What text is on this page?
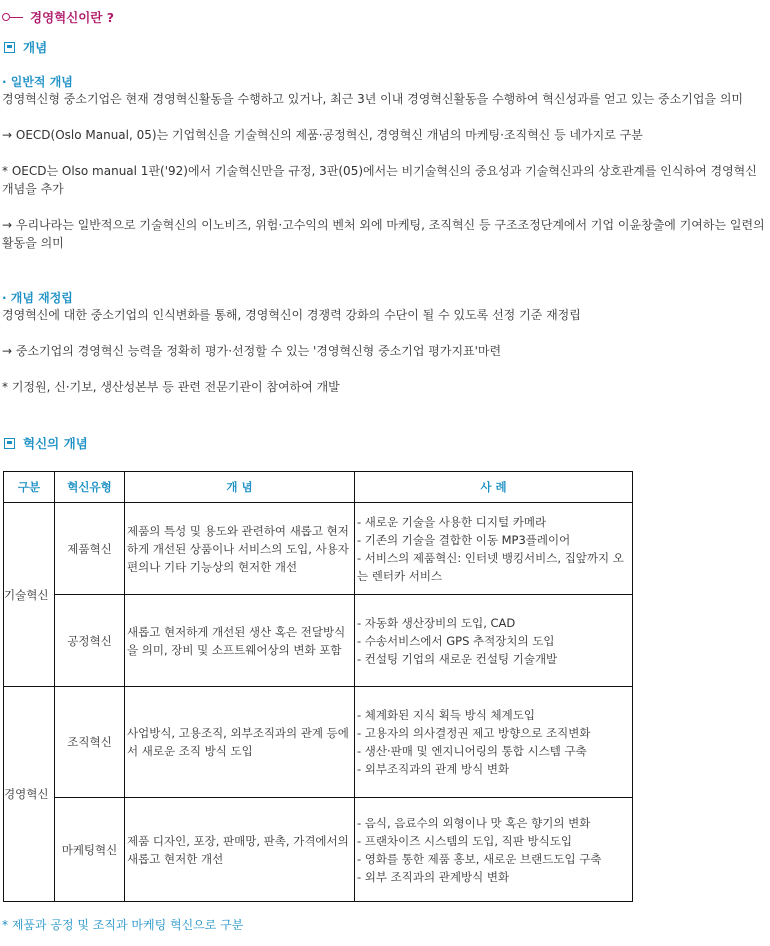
경영혁신이란 ?
개념
· 일반적 개념
경영혁신형 중소기업은 현재 경영혁신활동을 수행하고 있거나, 최근 3년 이내 경영혁신활동을 수행하여 혁신성과를 얻고 있는 중소기업을 의미
→ OECD(Oslo Manual, 05)는 기업혁신을 기술혁신의 제품·공정혁신, 경영혁신 개념의 마케팅·조직혁신 등 네가지로 구분
* OECD는 Olso manual 1판('92)에서 기술혁신만을 규정, 3판(05)에서는 비기술혁신의 중요성과 기술혁신과의 상호관계를 인식하여 경영혁신 개념을 추가
→ 우리나라는 일반적으로 기술혁신의 이노비즈, 위험·고수익의 벤처 외에 마케팅, 조직혁신 등 구조조정단계에서 기업 이윤창출에 기여하는 일련의 활동을 의미
· 개념 재정립
경영혁신에 대한 중소기업의 인식변화를 통해, 경영혁신이 경쟁력 강화의 수단이 될 수 있도록 선정 기준 재정립
→ 중소기업의 경영혁신 능력을 정확히 평가·선정할 수 있는 '경영혁신형 중소기업 평가지표'마련
* 기정원, 신·기보, 생산성본부 등 관련 전문기관이 참여하여 개발
혁신의 개념
구분	혁신유형	개 념	사 례
기술혁신	제품혁신	제품의 특성 및 용도와 관련하여 새롭고 현저하게 개선된 상품이나 서비스의 도입, 사용자 편의나 기타 기능상의 현저한 개선	- 새로운 기술을 사용한 디지털 카메라
- 기존의 기술을 결합한 이동 MP3플레이어
- 서비스의 제품혁신: 인터넷 뱅킹서비스, 집앞까지 오는 렌터카 서비스

	공정혁신	새롭고 현저하게 개선된 생산 혹은 전달방식을 의미, 장비 및 소프트웨어상의 변화 포함	- 자동화 생산장비의 도입, CAD
- 수송서비스에서 GPS 추적장치의 도입
- 컨설팅 기업의 새로운 컨설팅 기술개발

경영혁신	조직혁신	사업방식, 고용조직, 외부조직과의 관계 등에서 새로운 조직 방식 도입	- 체계화된 지식 획득 방식 체계도입
- 고용자의 의사결정권 제고 방향으로 조직변화
- 생산·판매 및 엔지니어링의 통합 시스템 구축
- 외부조직과의 관계 방식 변화

	마케팅혁신	제품 디자인, 포장, 판매망, 판촉, 가격에서의 새롭고 현저한 개선	- 음식, 음료수의 외형이나 맛 혹은 향기의 변화
- 프랜차이즈 시스템의 도입, 직판 방식도입
- 영화를 통한 제품 홍보, 새로운 브랜드도입 구축
- 외부 조직과의 관계방식 변화
* 제품과 공정 및 조직과 마케팅 혁신으로 구분
